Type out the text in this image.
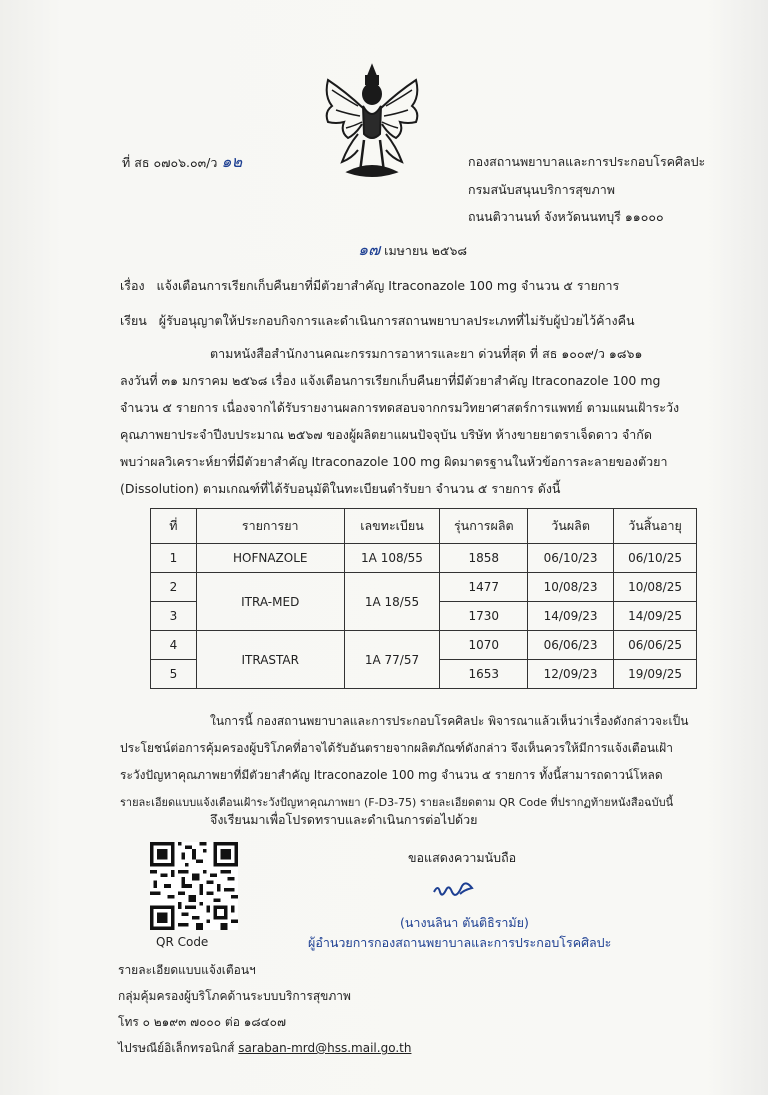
ที่ สธ ๐๗๐๖.๐๓/ว ๑๒	กองสถานพยาบาลและการประกอบโรคศิลปะ
กรมสนับสนุนบริการสุขภาพ
ถนนติวานนท์ จังหวัดนนทบุรี ๑๑๐๐๐
๑๗ เมษายน ๒๕๖๘
เรื่อง แจ้งเตือนการเรียกเก็บคืนยาที่มีตัวยาสำคัญ Itraconazole 100 mg จำนวน ๕ รายการ
เรียน ผู้รับอนุญาตให้ประกอบกิจการและดำเนินการสถานพยาบาลประเภทที่ไม่รับผู้ป่วยไว้ค้างคืน
ตามหนังสือสำนักงานคณะกรรมการอาหารและยา ด่วนที่สุด ที่ สธ ๑๐๐๙/ว ๑๘๖๑
ลงวันที่ ๓๑ มกราคม ๒๕๖๘ เรื่อง แจ้งเตือนการเรียกเก็บคืนยาที่มีตัวยาสำคัญ Itraconazole 100 mg
จำนวน ๕ รายการ เนื่องจากได้รับรายงานผลการทดสอบจากกรมวิทยาศาสตร์การแพทย์ ตามแผนเฝ้าระวัง
คุณภาพยาประจำปีงบประมาณ ๒๕๖๗ ของผู้ผลิตยาแผนปัจจุบัน บริษัท ห้างขายยาตราเจ็ดดาว จำกัด
พบว่าผลวิเคราะห์ยาที่มีตัวยาสำคัญ Itraconazole 100 mg ผิดมาตรฐานในหัวข้อการละลายของตัวยา
(Dissolution) ตามเกณฑ์ที่ได้รับอนุมัติในทะเบียนตำรับยา จำนวน ๕ รายการ ดังนี้
ที่	รายการยา	เลขทะเบียน	รุ่นการผลิต	วันผลิต	วันสิ้นอายุ
1	HOFNAZOLE	1A 108/55	1858	06/10/23	06/10/25
2	ITRA-MED	1A 18/55	1477	10/08/23	10/08/25
3			1730	14/09/23	14/09/25
4	ITRASTAR	1A 77/57	1070	06/06/23	06/06/25
5			1653	12/09/23	19/09/25
ในการนี้ กองสถานพยาบาลและการประกอบโรคศิลปะ พิจารณาแล้วเห็นว่าเรื่องดังกล่าวจะเป็น
ประโยชน์ต่อการคุ้มครองผู้บริโภคที่อาจได้รับอันตรายจากผลิตภัณฑ์ดังกล่าว จึงเห็นควรให้มีการแจ้งเตือนเฝ้า
ระวังปัญหาคุณภาพยาที่มีตัวยาสำคัญ Itraconazole 100 mg จำนวน ๕ รายการ ทั้งนี้สามารถดาวน์โหลด
รายละเอียดแบบแจ้งเตือนเฝ้าระวังปัญหาคุณภาพยา (F-D3-75) รายละเอียดตาม QR Code ที่ปรากฏท้ายหนังสือฉบับนี้
จึงเรียนมาเพื่อโปรดทราบและดำเนินการต่อไปด้วย
QR Code
ขอแสดงความนับถือ
(นางนลินา ตันติธิรามัย)
ผู้อำนวยการกองสถานพยาบาลและการประกอบโรคศิลปะ
รายละเอียดแบบแจ้งเตือนฯ
กลุ่มคุ้มครองผู้บริโภคด้านระบบบริการสุขภาพ
โทร ๐ ๒๑๙๓ ๗๐๐๐ ต่อ ๑๘๔๐๗
ไปรษณีย์อิเล็กทรอนิกส์ saraban-mrd@hss.mail.go.th
